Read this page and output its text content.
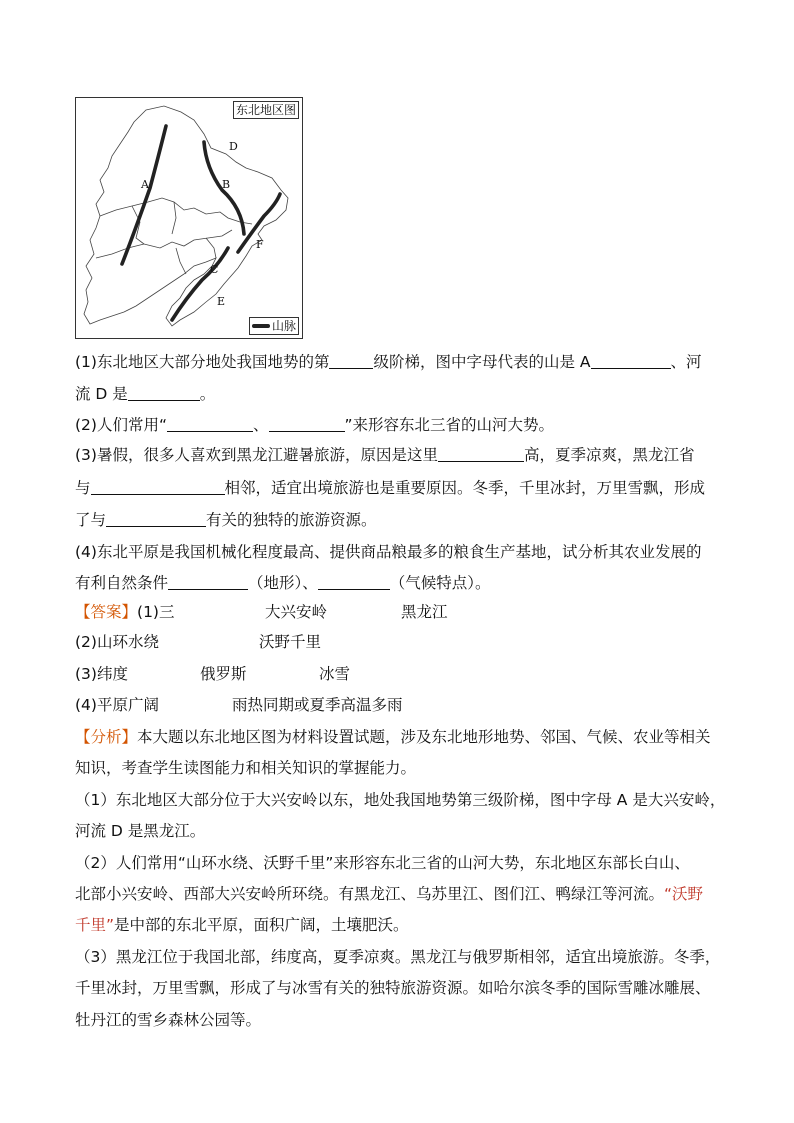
东北地区图
A	B
D
C
F
E
山脉
(1)东北地区大部分地处我国地势的第	级阶梯，图中字母代表的山是 A	、河
流 D 是	。
(2)人们常用“	、	”来形容东北三省的山河大势。
(3)暑假，很多人喜欢到黑龙江避暑旅游，原因是这里	高，夏季凉爽，黑龙江省
与	相邻，适宜出境旅游也是重要原因。冬季，千里冰封，万里雪飘，形成
了与	有关的独特的旅游资源。
(4)东北平原是我国机械化程度最高、提供商品粮最多的粮食生产基地，试分析其农业发展的
有利自然条件	（地形）、	（气候特点）。
【答案】(1)三	大兴安岭	黑龙江
(2)山环水绕	沃野千里
(3)纬度	俄罗斯	冰雪
(4)平原广阔	雨热同期或夏季高温多雨
【分析】本大题以东北地区图为材料设置试题，涉及东北地形地势、邻国、气候、农业等相关
知识，考查学生读图能力和相关知识的掌握能力。
（1）东北地区大部分位于大兴安岭以东，地处我国地势第三级阶梯，图中字母 A 是大兴安岭，
河流 D 是黑龙江。
（2）人们常用“山环水绕、沃野千里”来形容东北三省的山河大势，东北地区东部长白山、
北部小兴安岭、西部大兴安岭所环绕。有黑龙江、乌苏里江、图们江、鸭绿江等河流。“沃野
千里”是中部的东北平原，面积广阔，土壤肥沃。
（3）黑龙江位于我国北部，纬度高，夏季凉爽。黑龙江与俄罗斯相邻，适宜出境旅游。冬季，
千里冰封，万里雪飘，形成了与冰雪有关的独特旅游资源。如哈尔滨冬季的国际雪雕冰雕展、
牡丹江的雪乡森林公园等。
